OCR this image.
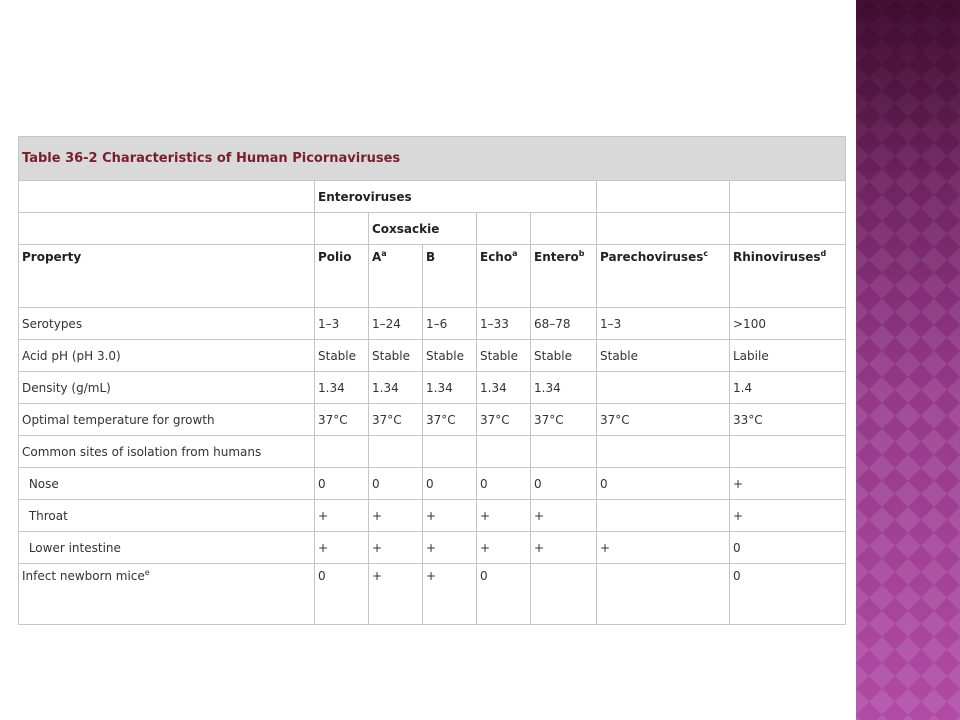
Table 36-2 Characteristics of Human Picornaviruses							
	Enteroviruses						
		Coxsackie					
Property	Polio	$A^a$	B	Echo$^a$	Entero$^b$	Parechoviruses$^c$	Rhinoviruses$^d$
Serotypes	1–3	1–24	1–6	1–33	68–78	1–3	>100
Acid pH (pH 3.0)	Stable	Stable	Stable	Stable	Stable	Stable	Labile
Density (g/mL)	1.34	1.34	1.34	1.34	1.34		1.4
Optimal temperature for growth	37°C	37°C	37°C	37°C	37°C	37°C	33°C
Common sites of isolation from humans							
Nose	0	0	0	0	0	0	+
Throat	+	+	+	+	+		+
Lower intestine	+	+	+	+	+	+	0
Infect newborn mice$^e$	0	+	+	0			0
